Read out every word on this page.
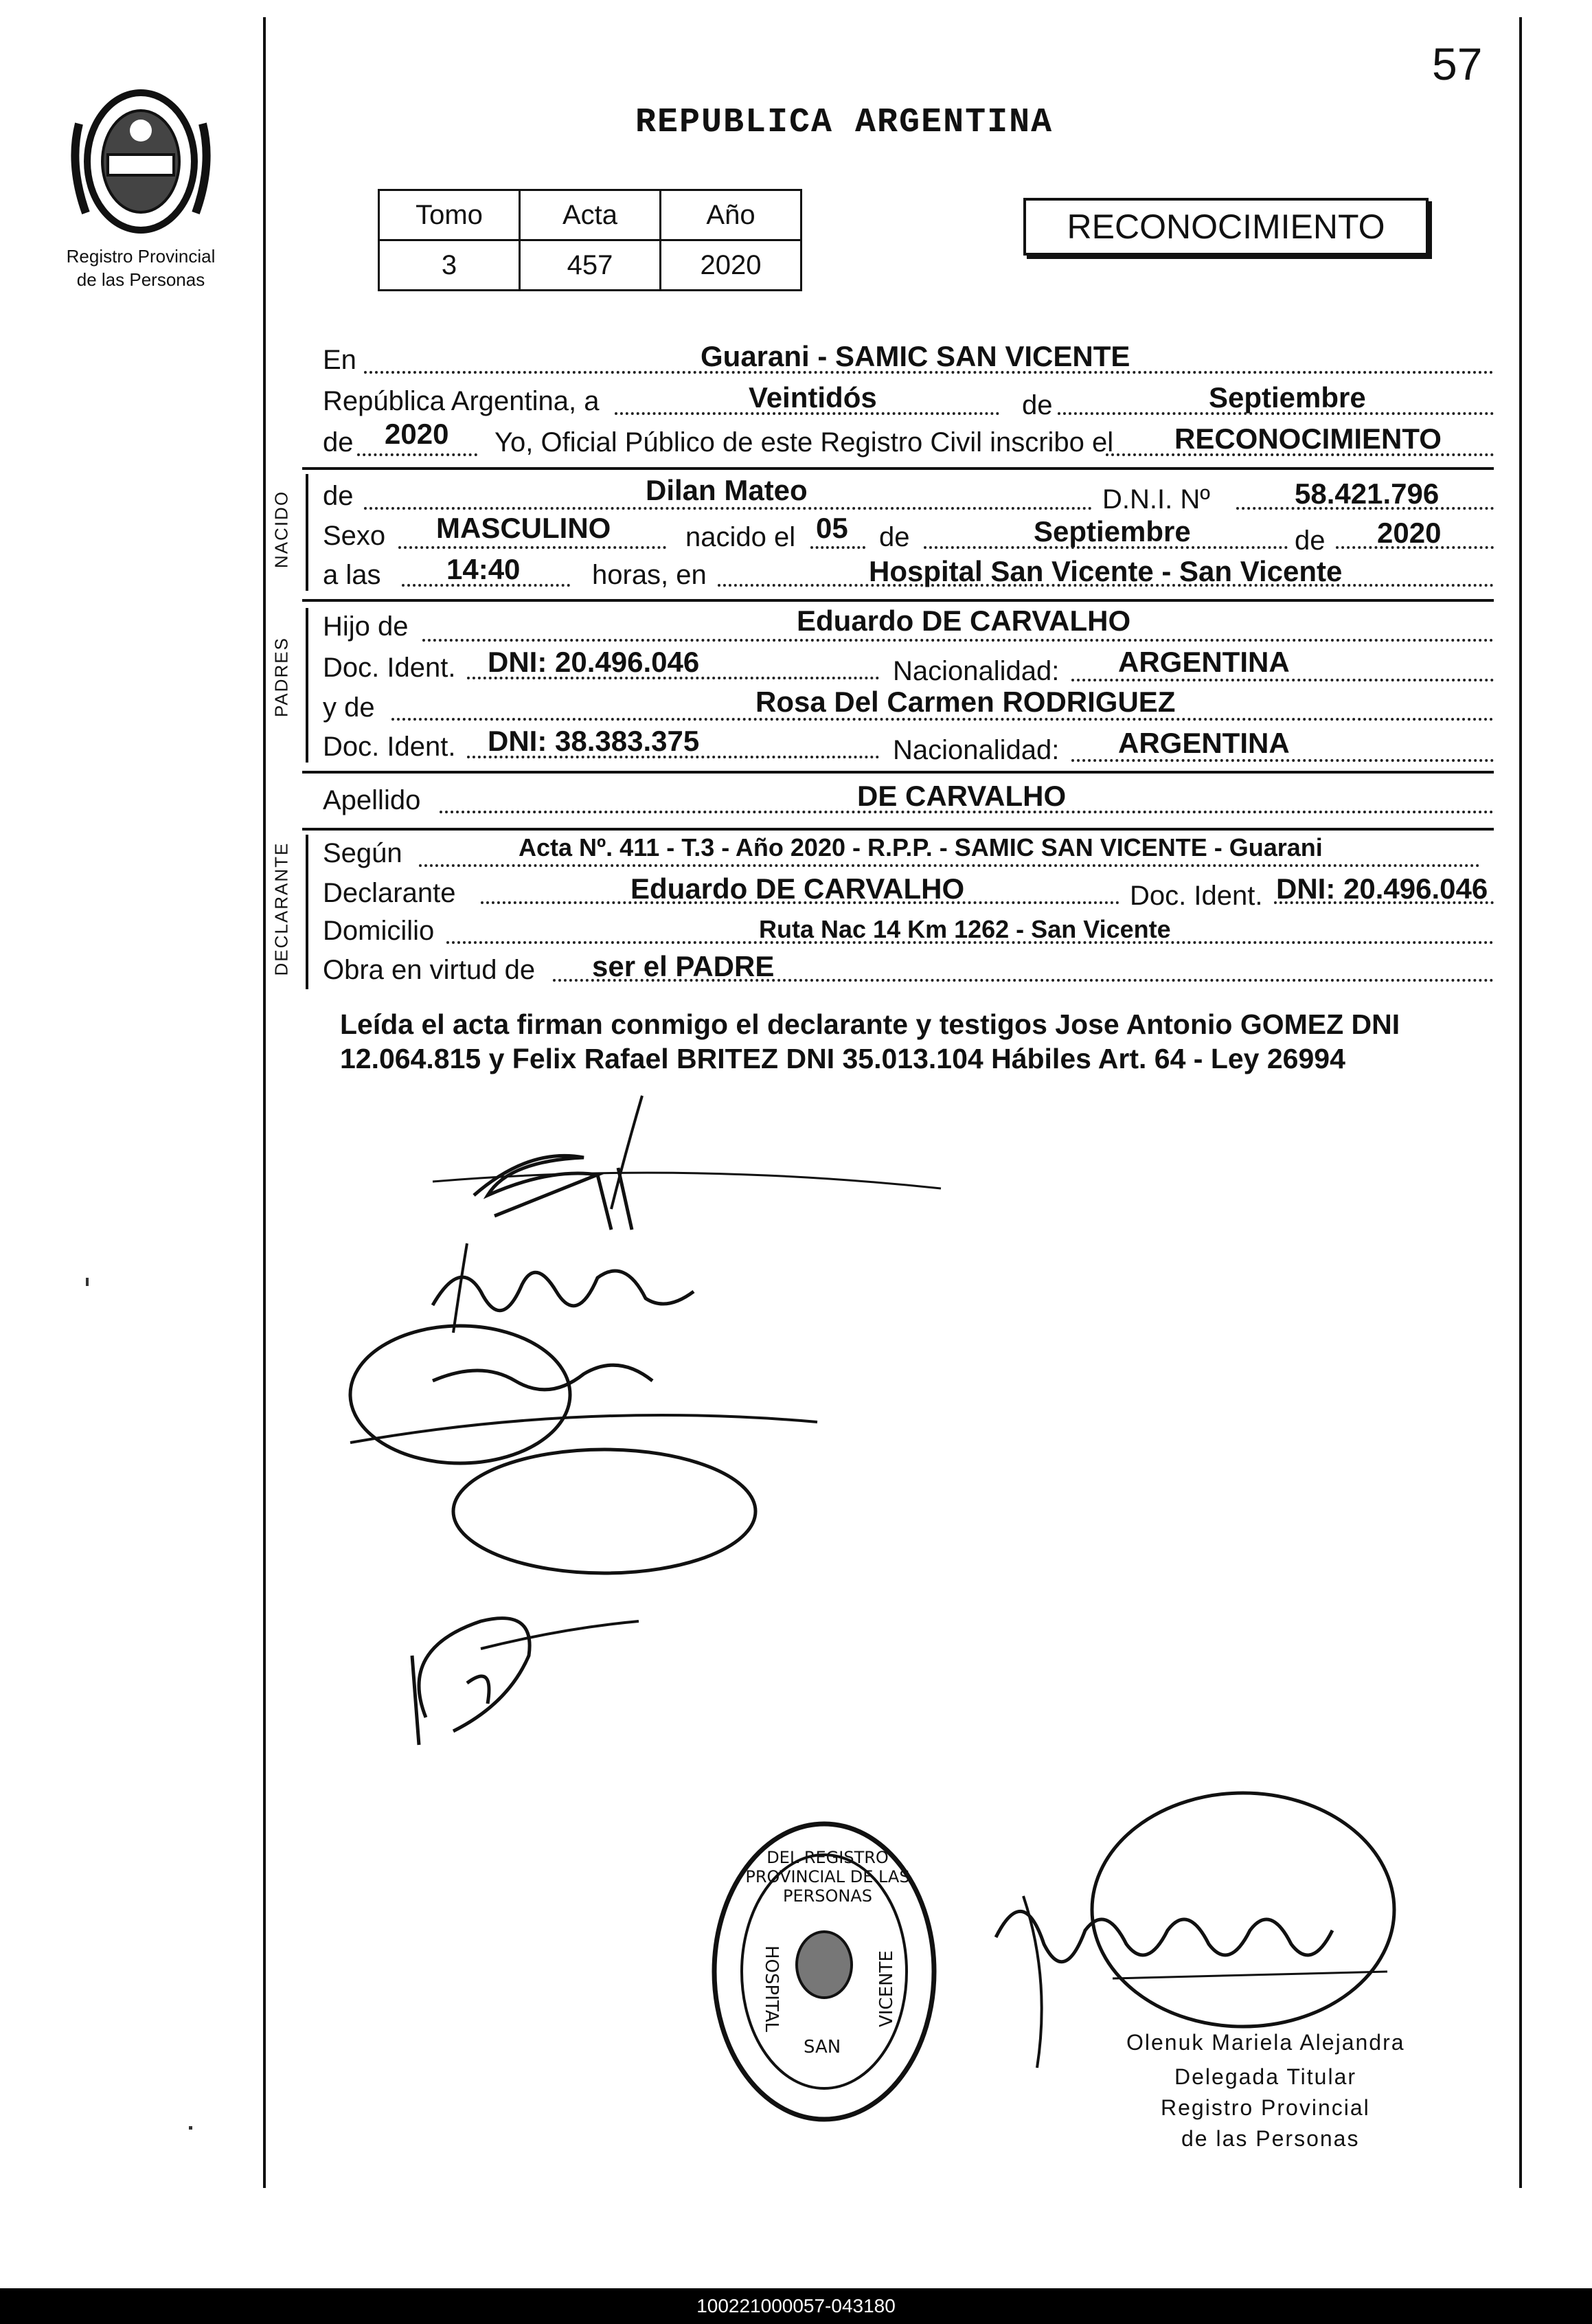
57
Registro Provincial
de las Personas
REPUBLICA ARGENTINA
Tomo	Acta	Año
3	457	2020
RECONOCIMIENTO
En	Guarani - SAMIC SAN VICENTE
República Argentina, a	Veintidós	de	Septiembre
de 2020 Yo, Oficial Público de este Registro Civil inscribo el RECONOCIMIENTO
NACIDO de	Dilan Mateo	D.N.I. Nº	58.421.796
Sexo MASCULINO	nacido el 05 de	Septiembre	de 2020
a las 14:40	horas, en	Hospital San Vicente - San Vicente
PADRES
Hijo de	Eduardo DE CARVALHO
Doc. Ident. DNI: 20.496.046	Nacionalidad: ARGENTINA
y de	Rosa Del Carmen RODRIGUEZ
Doc. Ident. DNI: 38.383.375	Nacionalidad: ARGENTINA
Apellido	DE CARVALHO
DECLARANTE Según	Acta Nº. 411 - T.3 - Año 2020 - R.P.P. - SAMIC SAN VICENTE - Guarani
Declarante	Eduardo DE CARVALHO	Doc. Ident. DNI: 20.496.046
Domicilio	Ruta Nac 14 Km 1262 - San Vicente
Obra en virtud de ser el PADRE
Leída el acta firman conmigo el declarante y testigos Jose Antonio GOMEZ DNI
12.064.815 y Felix Rafael BRITEZ DNI 35.013.104 Hábiles Art. 64 - Ley 26994
DEL REGISTRO PROVINCIAL DE LAS PERSONAS
HOSPITAL	VICENTE
SAN	Olenuk Mariela Alejandra
Delegada Titular
Registro Provincial
de las Personas
100221000057-043180
